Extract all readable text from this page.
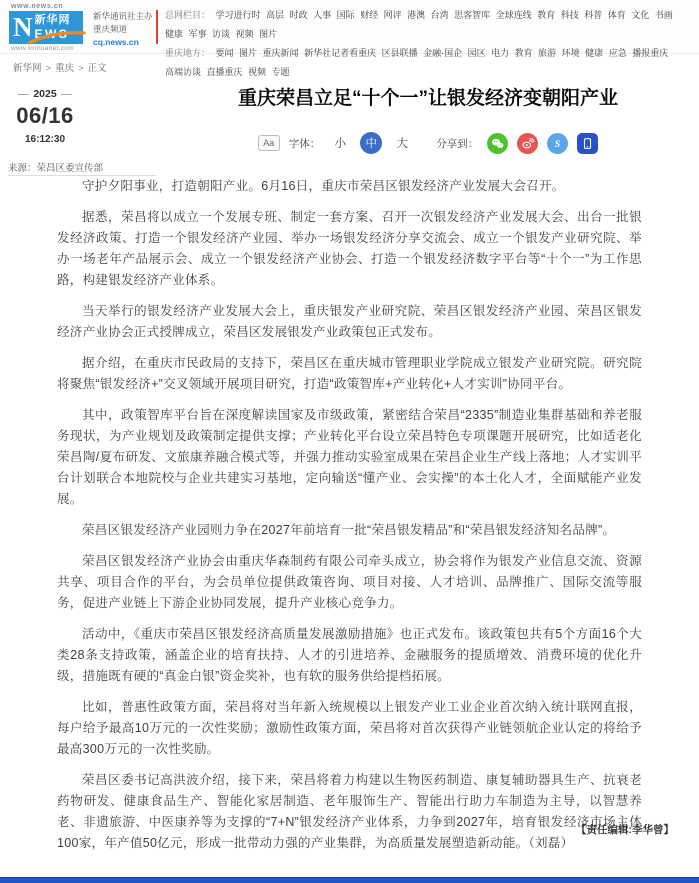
www.news.cn
N 新华网
EWS
www.xinhuanet.com
新华通讯社主办
重庆频道
cq.news.cn
总网栏目： 学习进行时 高层 时政 人事 国际 财经 网评 港澳 台湾 思客智库 全球连线 教育 科技 科普 体育 文化 书画
健康 军事 访谈 视频 图片
重庆地方： 要闻 图片 重庆新闻 新华社记者看重庆 区县联播 金融·国企 园区 电力 教育 旅游 环境 健康 应急 播报重庆
高端访谈 直播重庆 视频 专题
新华网 > 重庆 > 正文
2025
06/16
16:12:30
来源：荣昌区委宣传部
重庆荣昌立足“十个一”让银发经济变朝阳产业
Aa	字体：	小	中	大	分享到：	S

守护夕阳事业，打造朝阳产业。6月16日，重庆市荣昌区银发经济产业发展大会召开。

据悉，荣昌将以成立一个发展专班、制定一套方案、召开一次银发经济产业发展大会、出台一批银发经济政策、打造一个银发经济产业园、举办一场银发经济分享交流会、成立一个银发产业研究院、举办一场老年产品展示会、成立一个银发经济产业协会、打造一个银发经济数字平台等“十个一”为工作思路，构建银发经济产业体系。

当天举行的银发经济产业发展大会上，重庆银发产业研究院、荣昌区银发经济产业园、荣昌区银发经济产业协会正式授牌成立，荣昌区发展银发产业政策包正式发布。

据介绍，在重庆市民政局的支持下，荣昌区在重庆城市管理职业学院成立银发产业研究院。研究院将聚焦“银发经济+”交叉领域开展项目研究，打造“政策智库+产业转化+人才实训”协同平台。

其中，政策智库平台旨在深度解读国家及市级政策，紧密结合荣昌“2335”制造业集群基础和养老服务现状，为产业规划及政策制定提供支撑；产业转化平台设立荣昌特色专项课题开展研究，比如适老化荣昌陶/夏布研发、文旅康养融合模式等，并强力推动实验室成果在荣昌企业生产线上落地；人才实训平台计划联合本地院校与企业共建实习基地，定向输送“懂产业、会实操”的本土化人才，全面赋能产业发展。

荣昌区银发经济产业园则力争在2027年前培育一批“荣昌银发精品”和“荣昌银发经济知名品牌”。

荣昌区银发经济产业协会由重庆华森制药有限公司牵头成立，协会将作为银发产业信息交流、资源共享、项目合作的平台，为会员单位提供政策咨询、项目对接、人才培训、品牌推广、国际交流等服务，促进产业链上下游企业协同发展，提升产业核心竞争力。

活动中，《重庆市荣昌区银发经济高质量发展激励措施》也正式发布。该政策包共有5个方面16个大类28条支持政策，涵盖企业的培育扶持、人才的引进培养、金融服务的提质增效、消费环境的优化升级，措施既有硬的“真金白银”资金奖补，也有软的服务供给提档拓展。

比如，普惠性政策方面，荣昌将对当年新入统规模以上银发产业工业企业首次纳入统计联网直报，每户给予最高10万元的一次性奖励；激励性政策方面，荣昌将对首次获得产业链领航企业认定的将给予最高300万元的一次性奖励。

荣昌区委书记高洪波介绍，接下来，荣昌将着力构建以生物医药制造、康复辅助器具生产、抗衰老药物研发、健康食品生产、智能化家居制造、老年服饰生产、智能出行助力车制造为主导，以智慧养老、非遗旅游、中医康养等为支撑的“7+N”银发经济产业体系，力争到2027年，培育银发经济市场主体100家，年产值50亿元，形成一批带动力强的产业集群，为高质量发展塑造新动能。（刘磊）

【责任编辑:李华曾】
